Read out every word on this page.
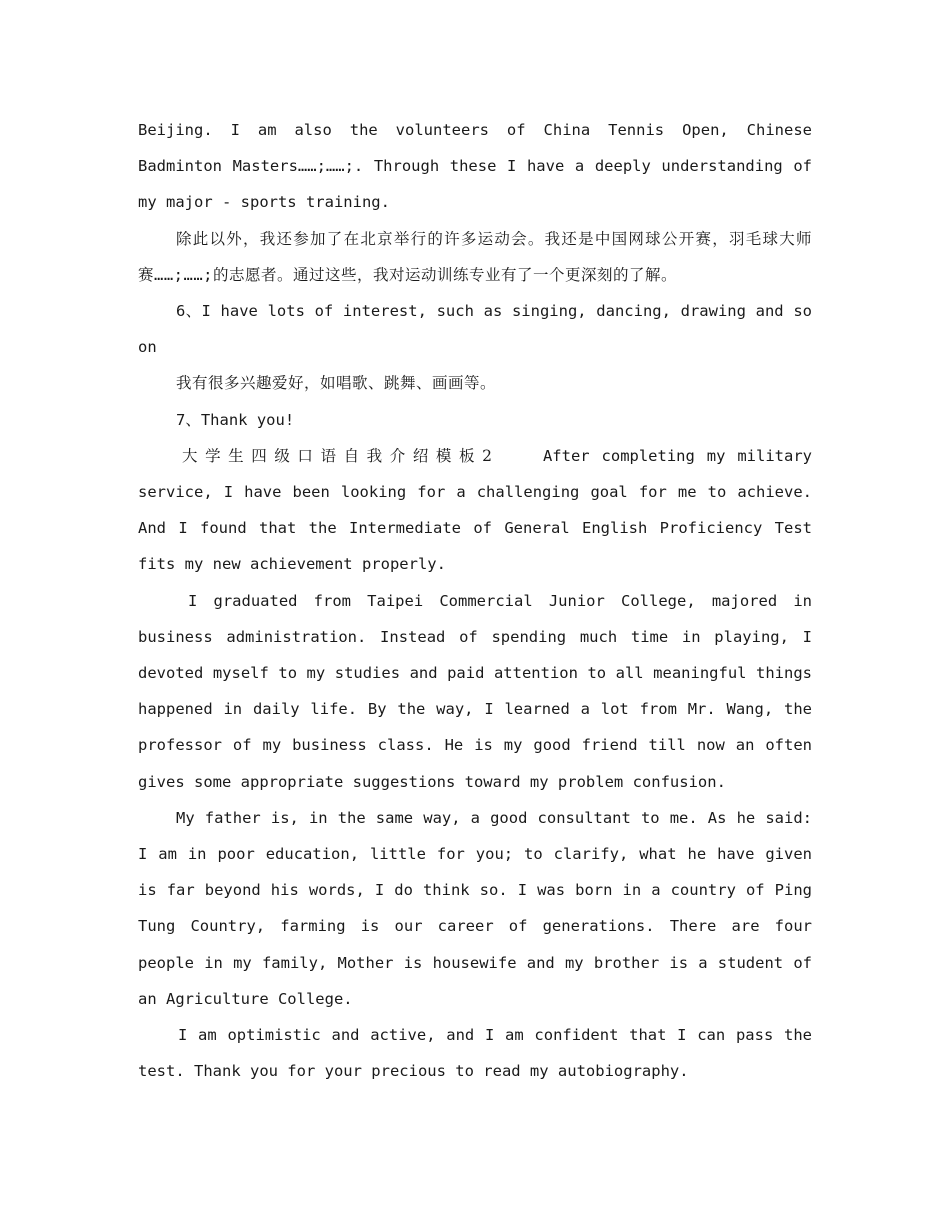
Beijing. I am also the volunteers of China Tennis Open, Chinese Badminton Masters……;……;. Through these I have a deeply understanding of my major - sports training.

除此以外，我还参加了在北京举行的许多运动会。我还是中国网球公开赛，羽毛球大师赛……;……;的志愿者。通过这些，我对运动训练专业有了一个更深刻的了解。

6、I have lots of interest, such as singing, dancing, drawing and so on

我有很多兴趣爱好，如唱歌、跳舞、画画等。

7、Thank you!

大学生四级口语自我介绍模板2	After completing my military service, I have been looking for a challenging goal for me to achieve. And I found that the Intermediate of General English Proficiency Test fits my new achievement properly.

I graduated from Taipei Commercial Junior College, majored in business administration. Instead of spending much time in playing, I devoted myself to my studies and paid attention to all meaningful things happened in daily life. By the way, I learned a lot from Mr. Wang, the professor of my business class. He is my good friend till now an often gives some appropriate suggestions toward my problem confusion.

My father is, in the same way, a good consultant to me. As he said: I am in poor education, little for you; to clarify, what he have given is far beyond his words, I do think so. I was born in a country of Ping Tung Country, farming is our career of generations. There are four people in my family, Mother is housewife and my brother is a student of an Agriculture College.

I am optimistic and active, and I am confident that I can pass the test. Thank you for your precious to read my autobiography.
